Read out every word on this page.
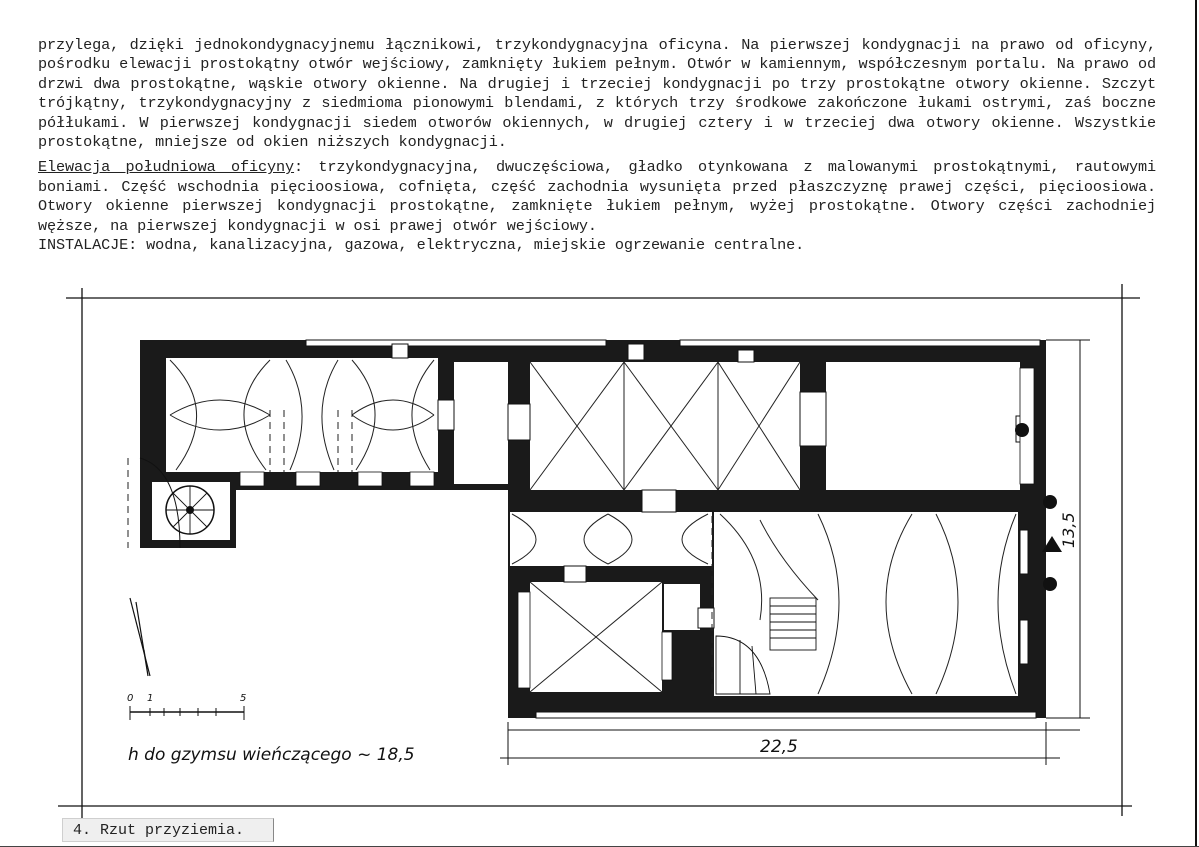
przylega, dzięki jednokondygnacyjnemu łącznikowi, trzykondygnacyjna oficyna. Na pierwszej kondygnacji na prawo od oficyny, pośrodku elewacji prostokątny otwór wejściowy, zamknięty łukiem pełnym. Otwór w kamiennym, współczesnym portalu. Na prawo od drzwi dwa prostokątne, wąskie otwory okienne. Na drugiej i trzeciej kondygnacji po trzy prostokątne otwory okienne. Szczyt trójkątny, trzykondygnacyjny z siedmioma pionowymi blendami, z których trzy środkowe zakończone łukami ostrymi, zaś boczne półłukami. W pierwszej kondygnacji siedem otworów okiennych, w drugiej cztery i w trzeciej dwa otwory okienne. Wszystkie prostokątne, mniejsze od okien niższych kondygnacji.

Elewacja południowa oficyny: trzykondygnacyjna, dwuczęściowa, gładko otynkowana z malowanymi prostokątnymi, rautowymi boniami. Część wschodnia pięcioosiowa, cofnięta, część zachodnia wysunięta przed płaszczyznę prawej części, pięcioosiowa. Otwory okienne pierwszej kondygnacji prostokątne, zamknięte łukiem pełnym, wyżej prostokątne. Otwory części zachodniej węższe, na pierwszej kondygnacji w osi prawej otwór wejściowy.
INSTALACJE: wodna, kanalizacyjna, gazowa, elektryczna, miejskie ogrzewanie centralne.

22,5
13,5
0 1	5
h do gzymsu wieńczącego ~ 18,5
4. Rzut przyziemia.
